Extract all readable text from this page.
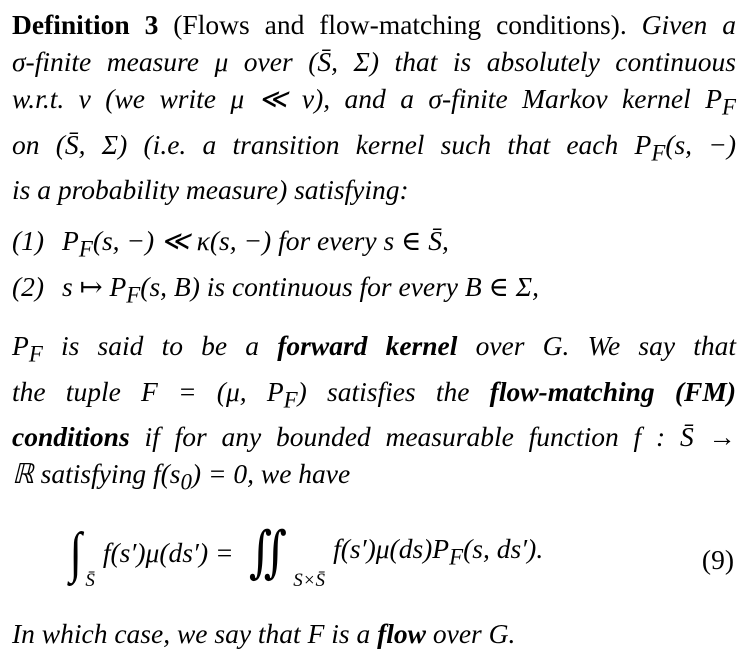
Definition 3 (Flows and flow-matching conditions). Given a

σ-finite measure μ over (S̄, Σ) that is absolutely continuous

w.r.t. ν (we write μ ≪ ν), and a σ-finite Markov kernel $P_F$

on (S̄, Σ) (i.e. a transition kernel such that each $P_F(s$, −)

is a probability measure) satisfying:

(1) $P_F(s$, −) ≪ κ(s, −) for every s ∈ S̄,
(2) s ↦ $P_F(s$, B) is continuous for every B ∈ Σ,

$P_F$ is said to be a forward kernel over G. We say that

the tuple F = (μ, $P_F$) satisfies the flow-matching (FM)

conditions if for any bounded measurable function f : S̄ →

ℝ satisfying $f(s_0) = 0$, we have

∫ S̄
f(s′)μ(ds′) = ∬ S×S̄
$f(s')\mu(ds)P_F(s$, ds′).	(9)

In which case, we say that F is a flow over G.
